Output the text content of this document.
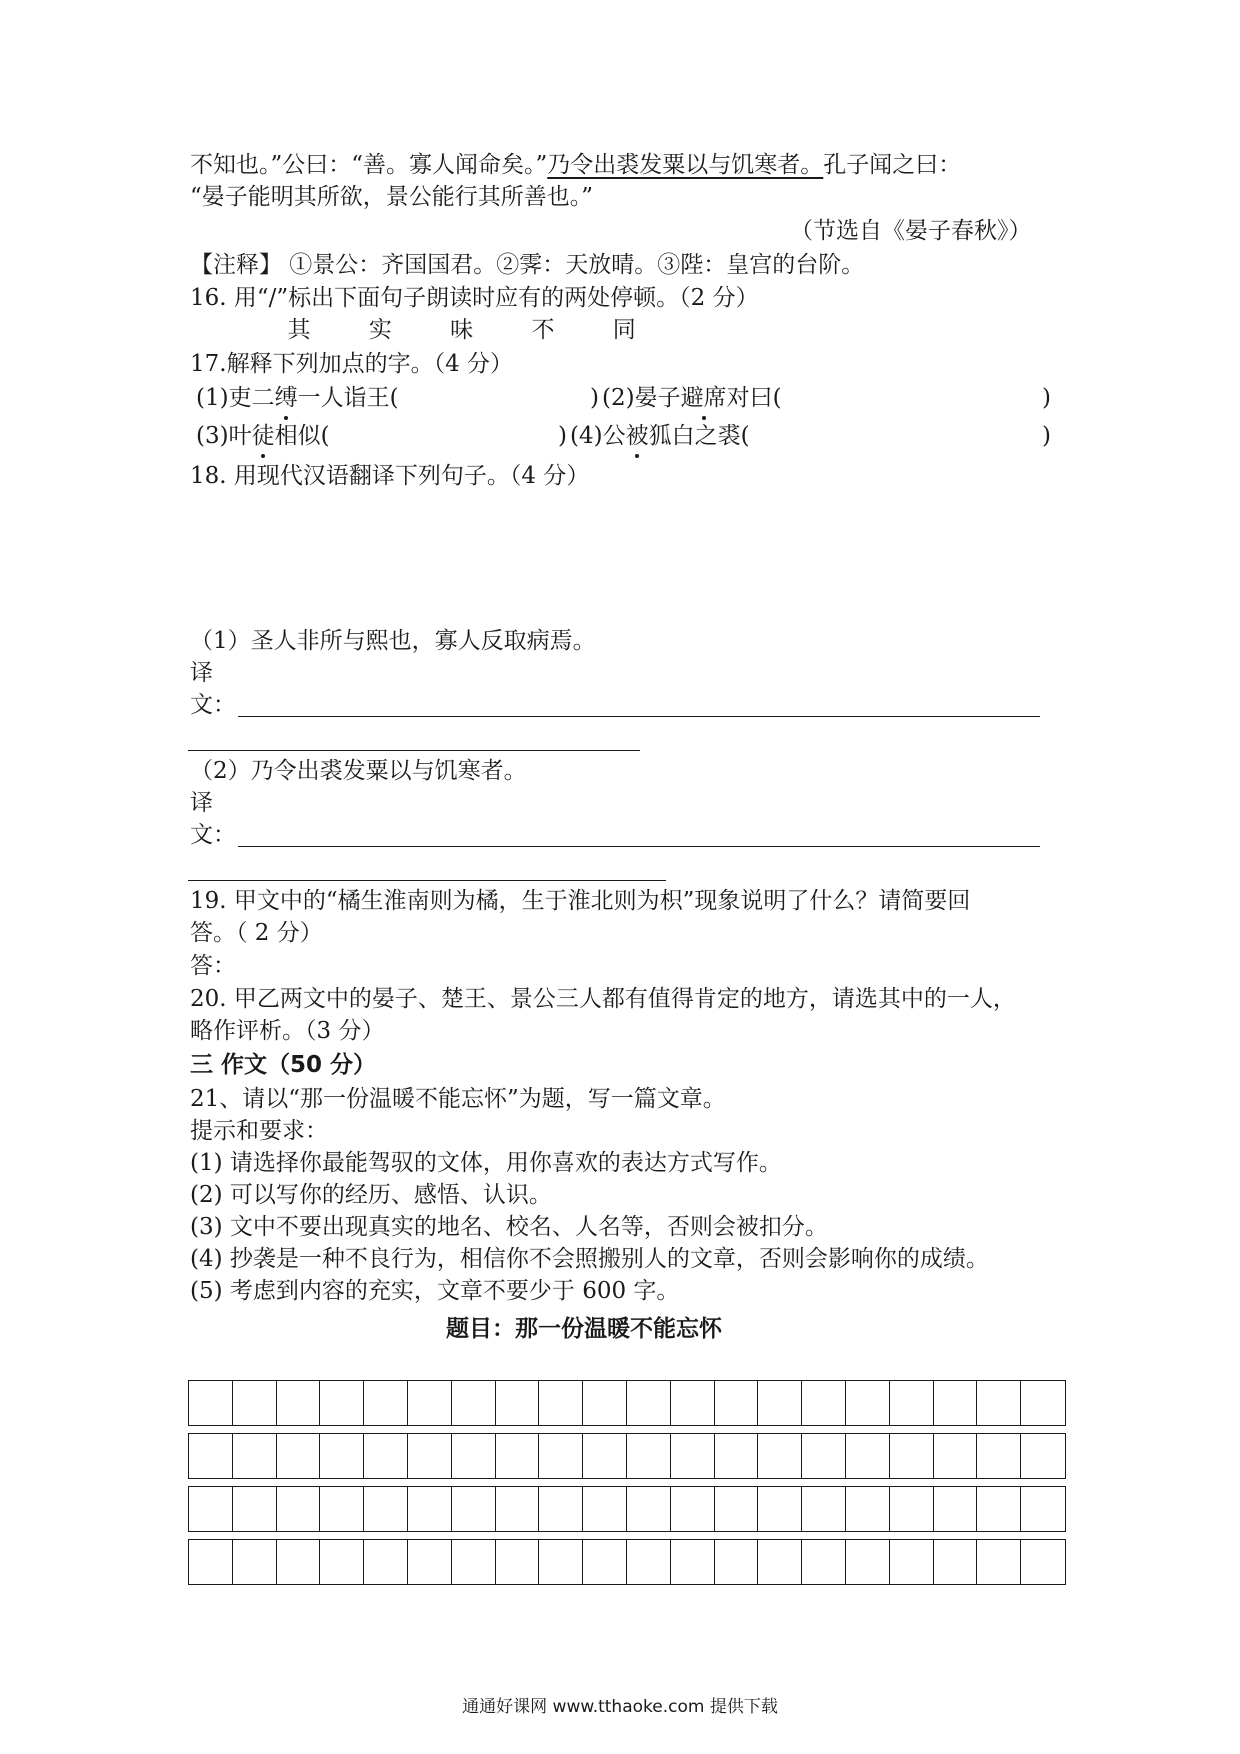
不知也。”公曰：“善。寡人闻命矣。”乃令出裘发粟以与饥寒者。孔子闻之曰：
“晏子能明其所欲，景公能行其所善也。”
（节选自《晏子春秋》）
【注释】 ①景公：齐国国君。②霁：天放晴。③陛：皇宫的台阶。
16. 用“/”标出下面句子朗读时应有的两处停顿。（2 分）
其	实	味	不	同
17.解释下列加点的字。（4 分）
(1)吏二缚一人诣王(	) (2)晏子避席对曰(	)
(3)叶徒相似(	) (4)公被狐白之裘(	)
18. 用现代汉语翻译下列句子。（4 分）
（1）圣人非所与熙也，寡人反取病焉。
译
文：
（2）乃令出裘发粟以与饥寒者。
译
文：
19. 甲文中的“橘生淮南则为橘，生于淮北则为枳”现象说明了什么？请简要回
答。（ 2 分）
答：
20. 甲乙两文中的晏子、楚王、景公三人都有值得肯定的地方，请选其中的一人，
略作评析。（3 分）
三 作文（50 分）
21、请以“那一份温暖不能忘怀”为题，写一篇文章。
提示和要求：
(1) 请选择你最能驾驭的文体，用你喜欢的表达方式写作。
(2) 可以写你的经历、感悟、认识。
(3) 文中不要出现真实的地名、校名、人名等，否则会被扣分。
(4) 抄袭是一种不良行为，相信你不会照搬别人的文章，否则会影响你的成绩。
(5) 考虑到内容的充实，文章不要少于 600 字。
题目：那一份温暖不能忘怀
通通好课网 www.tthaoke.com 提供下载
